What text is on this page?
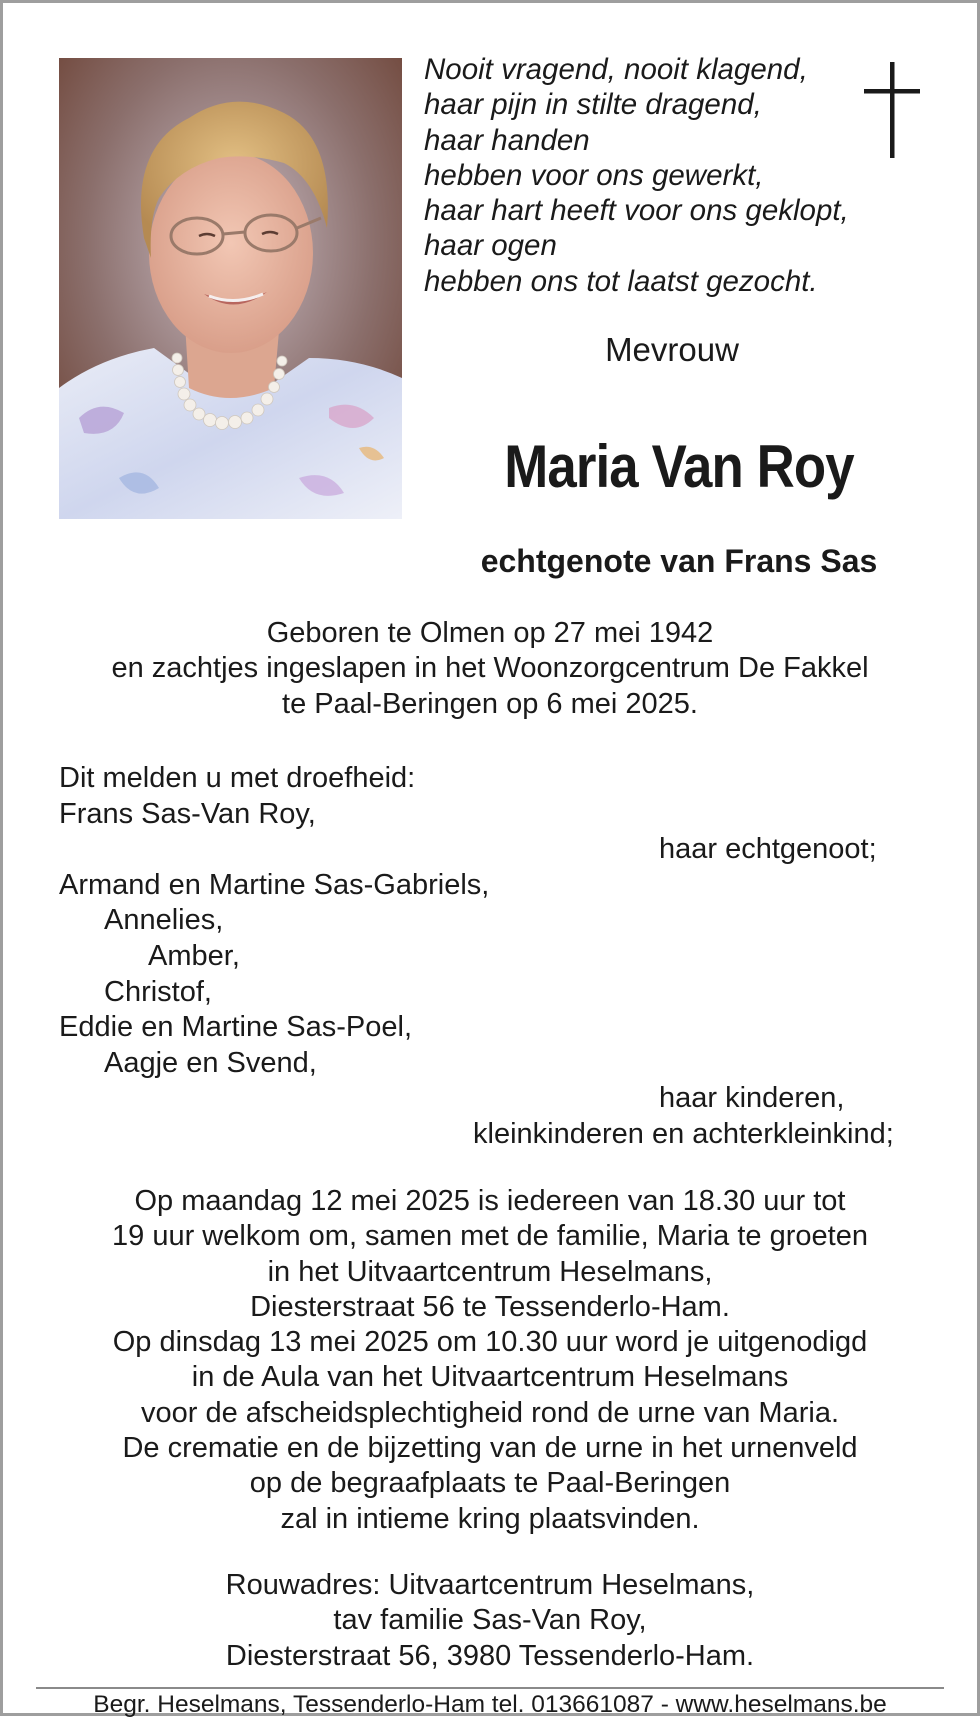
Nooit vragend, nooit klagend,
haar pijn in stilte dragend,
haar handen
hebben voor ons gewerkt,
haar hart heeft voor ons geklopt,
haar ogen
hebben ons tot laatst gezocht.
Mevrouw
Maria Van Roy
echtgenote van Frans Sas
Geboren te Olmen op 27 mei 1942
en zachtjes ingeslapen in het Woonzorgcentrum De Fakkel
te Paal-Beringen op 6 mei 2025.
Dit melden u met droefheid:
Frans Sas-Van Roy,
haar echtgenoot;
Armand en Martine Sas-Gabriels,
Annelies,
Amber,
Christof,
Eddie en Martine Sas-Poel,
Aagje en Svend,
haar kinderen,
kleinkinderen en achterkleinkind;
Op maandag 12 mei 2025 is iedereen van 18.30 uur tot
19 uur welkom om, samen met de familie, Maria te groeten
in het Uitvaartcentrum Heselmans,
Diesterstraat 56 te Tessenderlo-Ham.
Op dinsdag 13 mei 2025 om 10.30 uur word je uitgenodigd
in de Aula van het Uitvaartcentrum Heselmans
voor de afscheidsplechtigheid rond de urne van Maria.
De crematie en de bijzetting van de urne in het urnenveld
op de begraafplaats te Paal-Beringen
zal in intieme kring plaatsvinden.
Rouwadres: Uitvaartcentrum Heselmans,
tav familie Sas-Van Roy,
Diesterstraat 56, 3980 Tessenderlo-Ham.
Begr. Heselmans, Tessenderlo-Ham tel. 013661087 - www.heselmans.be
